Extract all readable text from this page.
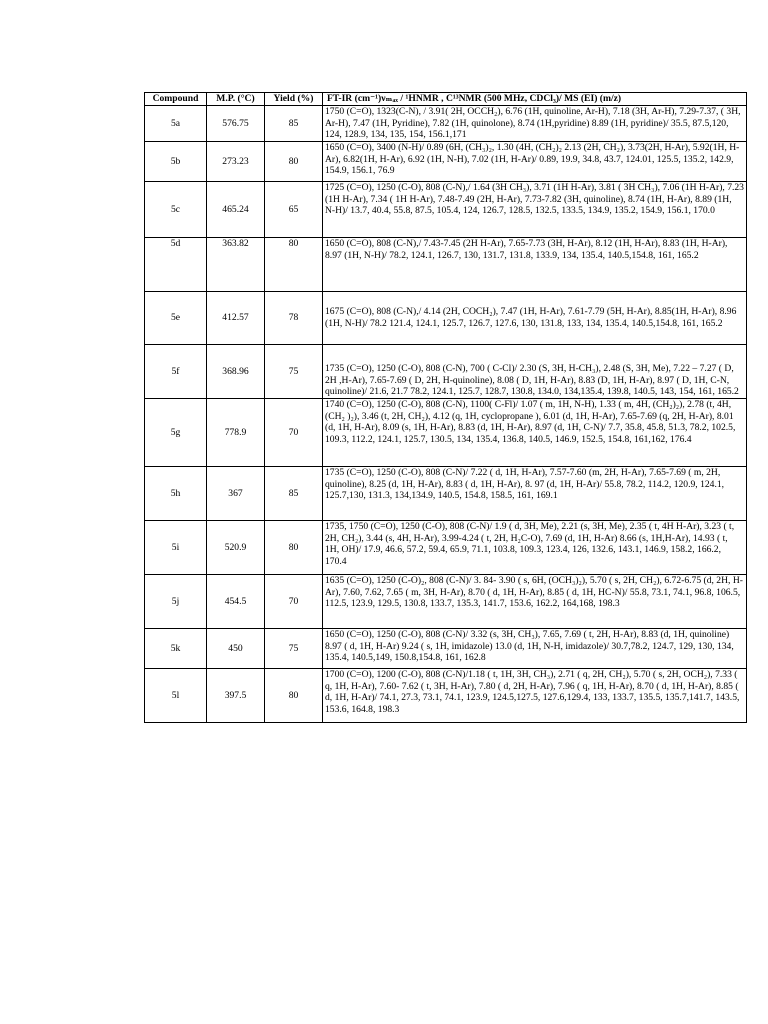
Compound	M.P. (°C)	Yield (%)	FT-IR (cm⁻¹)νₘₐₓ / ¹HNMR , C¹³NMR (500 MHz, CDCl₃)/ MS (EI) (m/z)
5a	576.75	85	1750 (C=O), 1323(C-N), / 3.91( 2H, OCCH₂), 6.76 (1H, quinoline, Ar-H), 7.18 (3H, Ar-H), 7.29-7.37, ( 3H, Ar-H), 7.47 (1H, Pyridine), 7.82 (1H, quinolone), 8.74 (1H,pyridine) 8.89 (1H, pyridine)/ 35.5, 87.5,120, 124, 128.9, 134, 135, 154, 156.1,171
5b	273.23	80	1650 (C=O), 3400 (N-H)/ 0.89 (6H, (CH₃)₂, 1.30 (4H, (CH₂)₂ 2.13 (2H, CH₂), 3.73(2H, H-Ar), 5.92(1H, H-Ar), 6.82(1H, H-Ar), 6.92 (1H, N-H), 7.02 (1H, H-Ar)/ 0.89, 19.9, 34.8, 43.7, 124.01, 125.5, 135.2, 142.9, 154.9, 156.1, 76.9
5c	465.24	65	1725 (C=O), 1250 (C-O), 808 (C-N),/ 1.64 (3H CH₃), 3.71 (1H H-Ar), 3.81 ( 3H CH₃), 7.06 (1H H-Ar), 7.23 (1H H-Ar), 7.34 ( 1H H-Ar), 7.48-7.49 (2H, H-Ar), 7.73-7.82 (3H, quinoline), 8.74 (1H, H-Ar), 8.89 (1H, N-H)/ 13.7, 40.4, 55.8, 87.5, 105.4, 124, 126.7, 128.5, 132.5, 133.5, 134.9, 135.2, 154.9, 156.1, 170.0
5d	363.82	80	1650 (C=O), 808 (C-N),/ 7.43-7.45 (2H H-Ar), 7.65-7.73 (3H, H-Ar), 8.12 (1H, H-Ar), 8.83 (1H, H-Ar), 8.97 (1H, N-H)/ 78.2, 124.1, 126.7, 130, 131.7, 131.8, 133.9, 134, 135.4, 140.5,154.8, 161, 165.2
5e	412.57	78	1675 (C=O), 808 (C-N),/ 4.14 (2H, COCH₂), 7.47 (1H, H-Ar), 7.61-7.79 (5H, H-Ar), 8.85(1H, H-Ar), 8.96 (1H, N-H)/ 78.2 121.4, 124.1, 125.7, 126.7, 127.6, 130, 131.8, 133, 134, 135.4, 140.5,154.8, 161, 165.2
5f	368.96	75	1735 (C=O), 1250 (C-O), 808 (C-N), 700 ( C-Cl)/ 2.30 (S, 3H, H-CH₃), 2.48 (S, 3H, Me), 7.22 – 7.27 ( D, 2H ,H-Ar), 7.65-7.69 ( D, 2H, H-quinoline), 8.08 ( D, 1H, H-Ar), 8.83 (D, 1H, H-Ar), 8.97 ( D, 1H, C-N, quinoline)/ 21.6, 21.7 78.2, 124.1, 125.7, 128.7, 130.8, 134.0, 134,135.4, 139.8, 140.5, 143, 154, 161, 165.2
5g	778.9	70	1740 (C=O), 1250 (C-O), 808 (C-N), 1100( C-Fl)/ 1.07 ( m, 1H, N-H), 1.33 ( m, 4H, (CH₂)₂), 2.78 (t, 4H, (CH₂ )₂), 3.46 (t, 2H, CH₂), 4.12 (q, 1H, cyclopropane ), 6.01 (d, 1H, H-Ar), 7.65-7.69 (q, 2H, H-Ar), 8.01 (d, 1H, H-Ar), 8.09 (s, 1H, H-Ar), 8.83 (d, 1H, H-Ar), 8.97 (d, 1H, C-N)/ 7.7, 35.8, 45.8, 51.3, 78.2, 102.5, 109.3, 112.2, 124.1, 125.7, 130.5, 134, 135.4, 136.8, 140.5, 146.9, 152.5, 154.8, 161,162, 176.4
5h	367	85	1735 (C=O), 1250 (C-O), 808 (C-N)/ 7.22 ( d, 1H, H-Ar), 7.57-7.60 (m, 2H, H-Ar), 7.65-7.69 ( m, 2H, quinoline), 8.25 (d, 1H, H-Ar), 8.83 ( d, 1H, H-Ar), 8. 97 (d, 1H, H-Ar)/ 55.8, 78.2, 114.2, 120.9, 124.1, 125.7,130, 131.3, 134,134.9, 140.5, 154.8, 158.5, 161, 169.1
5i	520.9	80	1735, 1750 (C=O), 1250 (C-O), 808 (C-N)/ 1.9 ( d, 3H, Me), 2.21 (s, 3H, Me), 2.35 ( t, 4H H-Ar), 3.23 ( t, 2H, CH₂), 3.44 (s, 4H, H-Ar), 3.99-4.24 ( t, 2H, H₂C-O), 7.69 (d, 1H, H-Ar) 8.66 (s, 1H,H-Ar), 14.93 ( t, 1H, OH)/ 17.9, 46.6, 57.2, 59.4, 65.9, 71.1, 103.8, 109.3, 123.4, 126, 132.6, 143.1, 146.9, 158.2, 166.2, 170.4
5j	454.5	70	1635 (C=O), 1250 (C-O)₂, 808 (C-N)/ 3. 84- 3.90 ( s, 6H, (OCH₃)₂), 5.70 ( s, 2H, CH₂), 6.72-6.75 (d, 2H, H-Ar), 7.60, 7.62, 7.65 ( m, 3H, H-Ar), 8.70 ( d, 1H, H-Ar), 8.85 ( d, 1H, HC-N)/ 55.8, 73.1, 74.1, 96.8, 106.5, 112.5, 123.9, 129.5, 130.8, 133.7, 135.3, 141.7, 153.6, 162.2, 164,168, 198.3
5k	450	75	1650 (C=O), 1250 (C-O), 808 (C-N)/ 3.32 (s, 3H, CH₃), 7.65, 7.69 ( t, 2H, H-Ar), 8.83 (d, 1H, quinoline) 8.97 ( d, 1H, H-Ar) 9.24 ( s, 1H, imidazole) 13.0 (d, 1H, N-H, imidazole)/ 30.7,78.2, 124.7, 129, 130, 134, 135.4, 140.5,149, 150.8,154.8, 161, 162.8
5l	397.5	80	1700 (C=O), 1200 (C-O), 808 (C-N)/1.18 ( t, 1H, 3H, CH₃), 2.71 ( q, 2H, CH₂), 5.70 ( s, 2H, OCH₂), 7.33 ( q, 1H, H-Ar), 7.60- 7.62 ( t, 3H, H-Ar), 7.80 ( d, 2H, H-Ar), 7.96 ( q, 1H, H-Ar), 8.70 ( d, 1H, H-Ar), 8.85 ( d, 1H, H-Ar)/ 74.1, 27.3, 73.1, 74.1, 123.9, 124.5,127.5, 127.6,129.4, 133, 133.7, 135.5, 135.7,141.7, 143.5, 153.6, 164.8, 198.3
